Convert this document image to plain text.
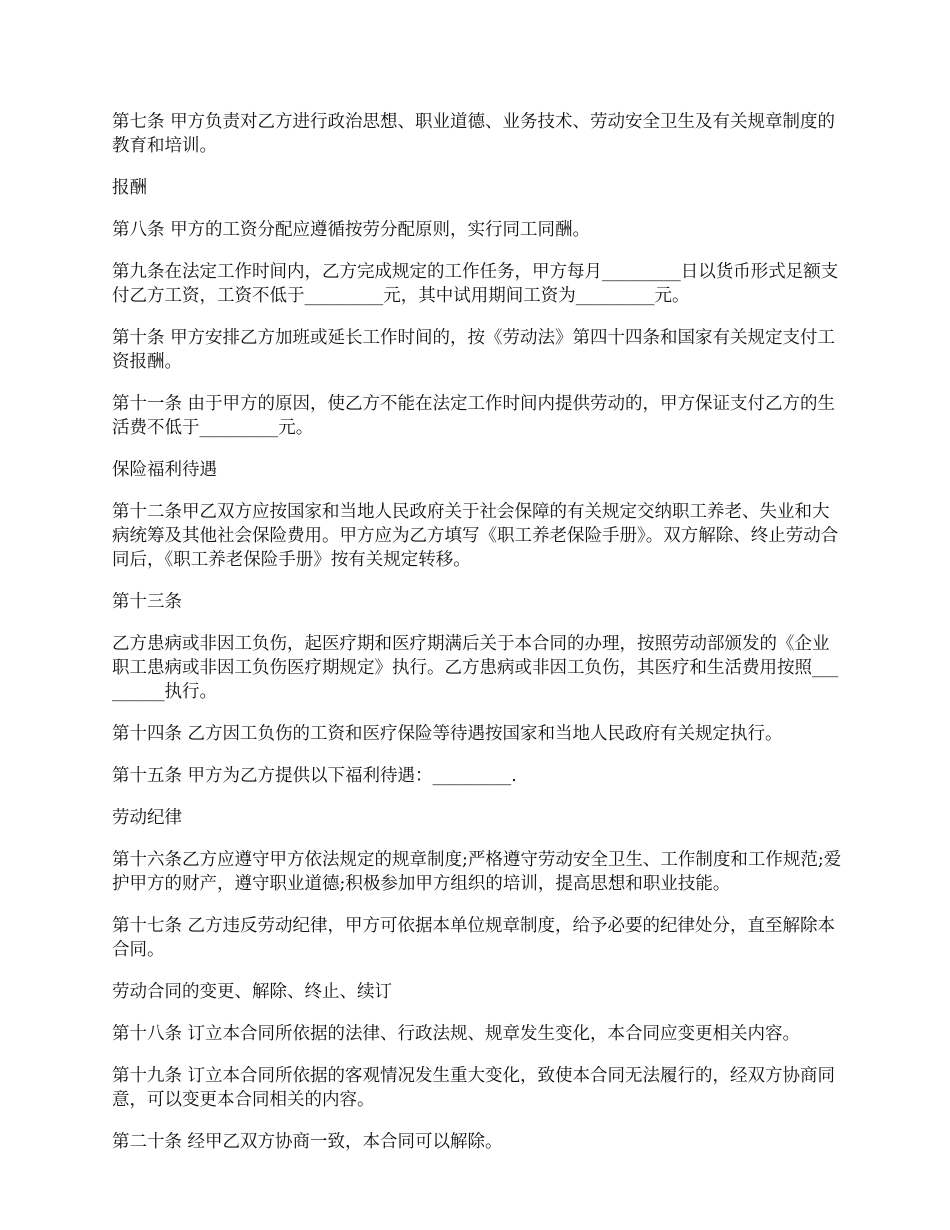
第七条 甲方负责对乙方进行政治思想、职业道德、业务技术、劳动安全卫生及有关规章制度的教育和培训。

报酬

第八条 甲方的工资分配应遵循按劳分配原则，实行同工同酬。

第九条在法定工作时间内，乙方完成规定的工作任务，甲方每月_________日以货币形式足额支付乙方工资，工资不低于_________元，其中试用期间工资为_________元。

第十条 甲方安排乙方加班或延长工作时间的，按《劳动法》第四十四条和国家有关规定支付工资报酬。

第十一条 由于甲方的原因，使乙方不能在法定工作时间内提供劳动的，甲方保证支付乙方的生活费不低于_________元。

保险福利待遇

第十二条甲乙双方应按国家和当地人民政府关于社会保障的有关规定交纳职工养老、失业和大病统筹及其他社会保险费用。甲方应为乙方填写《职工养老保险手册》。双方解除、终止劳动合同后，《职工养老保险手册》按有关规定转移。

第十三条

乙方患病或非因工负伤，起医疗期和医疗期满后关于本合同的办理，按照劳动部颁发的《企业职工患病或非因工负伤医疗期规定》执行。乙方患病或非因工负伤，其医疗和生活费用按照_________执行。

第十四条 乙方因工负伤的工资和医疗保险等待遇按国家和当地人民政府有关规定执行。

第十五条 甲方为乙方提供以下福利待遇：_________.

劳动纪律

第十六条乙方应遵守甲方依法规定的规章制度;严格遵守劳动安全卫生、工作制度和工作规范;爱护甲方的财产，遵守职业道德;积极参加甲方组织的培训，提高思想和职业技能。

第十七条 乙方违反劳动纪律，甲方可依据本单位规章制度，给予必要的纪律处分，直至解除本合同。

劳动合同的变更、解除、终止、续订

第十八条 订立本合同所依据的法律、行政法规、规章发生变化，本合同应变更相关内容。

第十九条 订立本合同所依据的客观情况发生重大变化，致使本合同无法履行的，经双方协商同意，可以变更本合同相关的内容。

第二十条 经甲乙双方协商一致，本合同可以解除。
